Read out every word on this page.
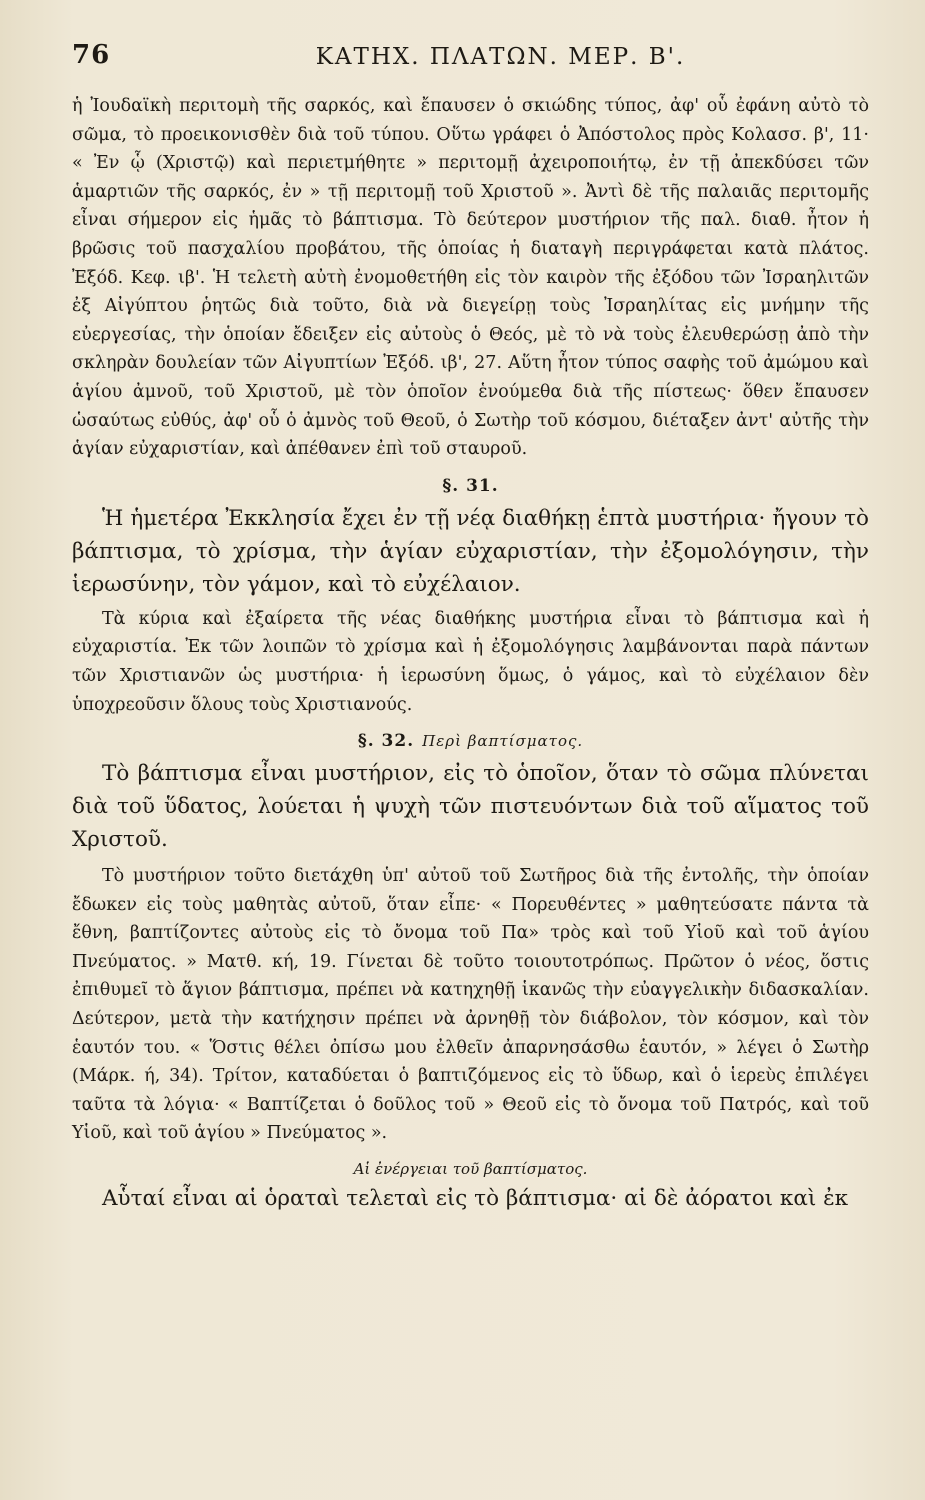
76	ΚΑΤΗΧ. ΠΛΑΤΩΝ. ΜΕΡ. Β'.

ἡ Ἰουδαϊκὴ περιτομὴ τῆς σαρκός, καὶ ἔπαυσεν ὁ σκιώδης τύπος, ἀφ' οὗ ἐφάνη αὐτὸ τὸ σῶμα, τὸ προεικονισθὲν διὰ τοῦ τύπου. Οὕτω γράφει ὁ Ἀπόστολος πρὸς Κολασσ. β', 11· « Ἐν ᾧ (Χριστῷ) καὶ περιετμήθητε » περιτομῇ ἀχειροποιήτῳ, ἐν τῇ ἀπεκδύσει τῶν ἁμαρτιῶν τῆς σαρκός, ἐν » τῇ περιτομῇ τοῦ Χριστοῦ ». Ἀντὶ δὲ τῆς παλαιᾶς περιτομῆς εἶναι σήμερον εἰς ἡμᾶς τὸ βάπτισμα. Τὸ δεύτερον μυστήριον τῆς παλ. διαθ. ἦτον ἡ βρῶσις τοῦ πασχαλίου προβάτου, τῆς ὁποίας ἡ διαταγὴ περιγράφεται κατὰ πλάτος. Ἐξόδ. Κεφ. ιβ'. Ἡ τελετὴ αὐτὴ ἐνομοθετήθη εἰς τὸν καιρὸν τῆς ἐξόδου τῶν Ἰσραηλιτῶν ἐξ Αἰγύπτου ῥητῶς διὰ τοῦτο, διὰ νὰ διεγείρῃ τοὺς Ἰσραηλίτας εἰς μνήμην τῆς εὐεργεσίας, τὴν ὁποίαν ἔδειξεν εἰς αὐτοὺς ὁ Θεός, μὲ τὸ νὰ τοὺς ἐλευθερώσῃ ἀπὸ τὴν σκληρὰν δουλείαν τῶν Αἰγυπτίων Ἐξόδ. ιβ', 27. Αὕτη ἦτον τύπος σαφὴς τοῦ ἀμώμου καὶ ἁγίου ἀμνοῦ, τοῦ Χριστοῦ, μὲ τὸν ὁποῖον ἑνούμεθα διὰ τῆς πίστεως· ὅθεν ἔπαυσεν ὡσαύτως εὐθύς, ἀφ' οὗ ὁ ἀμνὸς τοῦ Θεοῦ, ὁ Σωτὴρ τοῦ κόσμου, διέταξεν ἀντ' αὐτῆς τὴν ἁγίαν εὐχαριστίαν, καὶ ἀπέθανεν ἐπὶ τοῦ σταυροῦ.

§. 31.

Ἡ ἡμετέρα Ἐκκλησία ἔχει ἐν τῇ νέᾳ διαθήκῃ ἑπτὰ μυστήρια· ἤγουν τὸ βάπτισμα, τὸ χρίσμα, τὴν ἁγίαν εὐχαριστίαν, τὴν ἐξομολόγησιν, τὴν ἱερωσύνην, τὸν γάμον, καὶ τὸ εὐχέλαιον.

Τὰ κύρια καὶ ἐξαίρετα τῆς νέας διαθήκης μυστήρια εἶναι τὸ βάπτισμα καὶ ἡ εὐχαριστία. Ἐκ τῶν λοιπῶν τὸ χρίσμα καὶ ἡ ἐξομολόγησις λαμβάνονται παρὰ πάντων τῶν Χριστιανῶν ὡς μυστήρια· ἡ ἱερωσύνη ὅμως, ὁ γάμος, καὶ τὸ εὐχέλαιον δὲν ὑποχρεοῦσιν ὅλους τοὺς Χριστιανούς.

§. 32. Περὶ βαπτίσματος.

Τὸ βάπτισμα εἶναι μυστήριον, εἰς τὸ ὁποῖον, ὅταν τὸ σῶμα πλύνεται διὰ τοῦ ὕδατος, λούεται ἡ ψυχὴ τῶν πιστευόντων διὰ τοῦ αἵματος τοῦ Χριστοῦ.

Τὸ μυστήριον τοῦτο διετάχθη ὑπ' αὐτοῦ τοῦ Σωτῆρος διὰ τῆς ἐντολῆς, τὴν ὁποίαν ἔδωκεν εἰς τοὺς μαθητὰς αὐτοῦ, ὅταν εἶπε· « Πορευθέντες » μαθητεύσατε πάντα τὰ ἔθνη, βαπτίζοντες αὐτοὺς εἰς τὸ ὄνομα τοῦ Πα» τρὸς καὶ τοῦ Υἱοῦ καὶ τοῦ ἁγίου Πνεύματος. » Ματθ. κή, 19. Γίνεται δὲ τοῦτο τοιουτοτρόπως. Πρῶτον ὁ νέος, ὅστις ἐπιθυμεῖ τὸ ἅγιον βάπτισμα, πρέπει νὰ κατηχηθῇ ἱκανῶς τὴν εὐαγγελικὴν διδασκαλίαν. Δεύτερον, μετὰ τὴν κατήχησιν πρέπει νὰ ἀρνηθῇ τὸν διάβολον, τὸν κόσμον, καὶ τὸν ἑαυτόν του. « Ὅστις θέλει ὀπίσω μου ἐλθεῖν ἀπαρνησάσθω ἑαυτόν, » λέγει ὁ Σωτὴρ (Μάρκ. ή, 34). Τρίτον, καταδύεται ὁ βαπτιζόμενος εἰς τὸ ὕδωρ, καὶ ὁ ἱερεὺς ἐπιλέγει ταῦτα τὰ λόγια· « Βαπτίζεται ὁ δοῦλος τοῦ » Θεοῦ εἰς τὸ ὄνομα τοῦ Πατρός, καὶ τοῦ Υἱοῦ, καὶ τοῦ ἁγίου » Πνεύματος ».

Αἱ ἐνέργειαι τοῦ βαπτίσματος.

Αὗταί εἶναι αἱ ὁραταὶ τελεταὶ εἰς τὸ βάπτισμα· αἱ δὲ ἀόρατοι καὶ ἐκ
